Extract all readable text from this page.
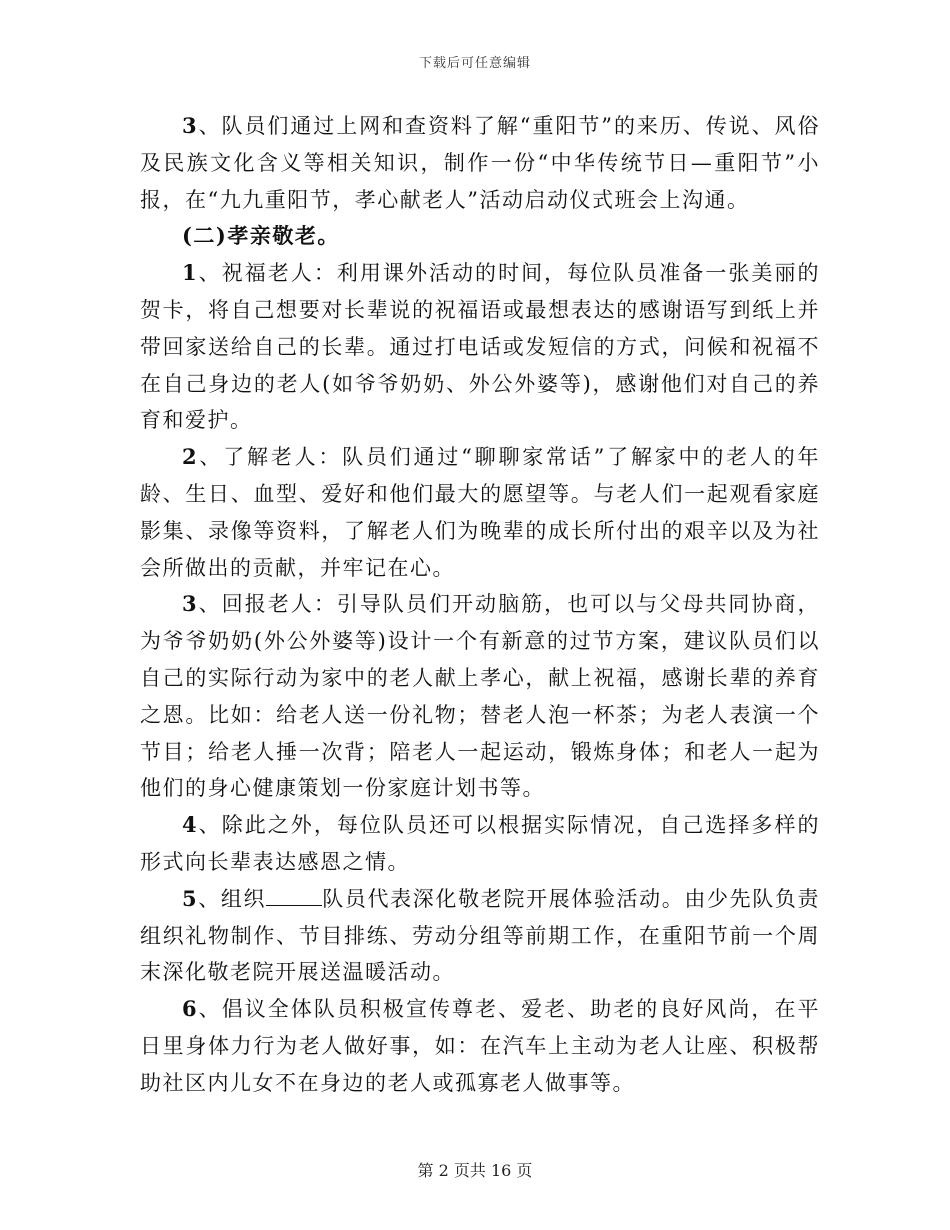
下载后可任意编辑

3、队员们通过上网和查资料了解“重阳节”的来历、传说、风俗及民族文化含义等相关知识，制作一份“中华传统节日—重阳节”小报，在“九九重阳节，孝心献老人”活动启动仪式班会上沟通。

(二)孝亲敬老。

1、祝福老人：利用课外活动的时间，每位队员准备一张美丽的贺卡，将自己想要对长辈说的祝福语或最想表达的感谢语写到纸上并带回家送给自己的长辈。通过打电话或发短信的方式，问候和祝福不在自己身边的老人(如爷爷奶奶、外公外婆等)，感谢他们对自己的养育和爱护。

2、了解老人：队员们通过“聊聊家常话”了解家中的老人的年龄、生日、血型、爱好和他们最大的愿望等。与老人们一起观看家庭影集、录像等资料，了解老人们为晚辈的成长所付出的艰辛以及为社会所做出的贡献，并牢记在心。

3、回报老人：引导队员们开动脑筋，也可以与父母共同协商，为爷爷奶奶(外公外婆等)设计一个有新意的过节方案，建议队员们以自己的实际行动为家中的老人献上孝心，献上祝福，感谢长辈的养育之恩。比如：给老人送一份礼物；替老人泡一杯茶；为老人表演一个节目；给老人捶一次背；陪老人一起运动，锻炼身体；和老人一起为他们的身心健康策划一份家庭计划书等。

4、除此之外，每位队员还可以根据实际情况，自己选择多样的形式向长辈表达感恩之情。

5、组织	队员代表深化敬老院开展体验活动。由少先队负责组织礼物制作、节目排练、劳动分组等前期工作，在重阳节前一个周末深化敬老院开展送温暖活动。

6、倡议全体队员积极宣传尊老、爱老、助老的良好风尚，在平日里身体力行为老人做好事，如：在汽车上主动为老人让座、积极帮助社区内儿女不在身边的老人或孤寡老人做事等。

第 2 页共 16 页
